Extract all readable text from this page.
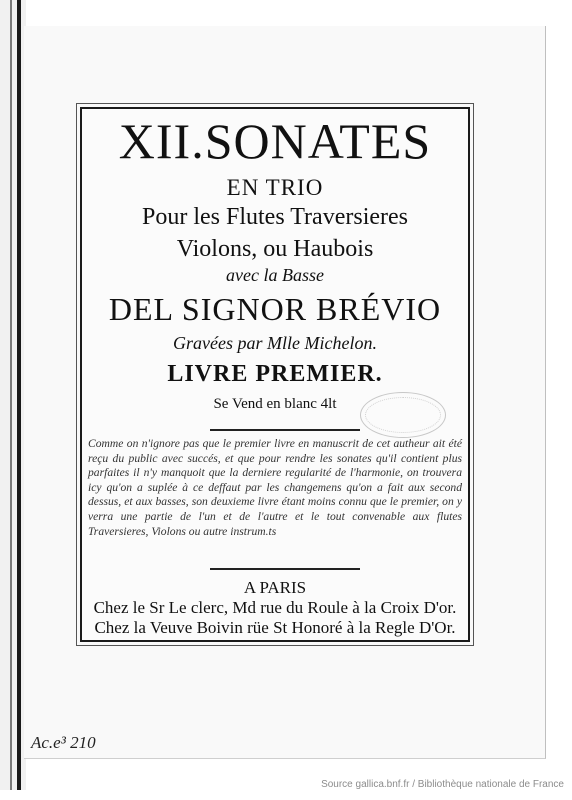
XII.SONATES
EN TRIO
Pour les Flutes Traversieres
Violons, ou Haubois
avec la Basse
DEL SIGNOR BRÉVIO
Gravées par Mlle Michelon.
LIVRE PREMIER.
Se Vend en blanc 4lt
Comme on n'ignore pas que le premier livre en manuscrit de cet autheur ait été reçu du public avec succés, et que pour rendre les sonates qu'il contient plus parfaites il n'y manquoit que la derniere regularité de l'harmonie, on trouvera icy qu'on a suplée à ce deffaut par les changemens qu'on a fait aux second dessus, et aux basses, son deuxieme livre étant moins connu que le premier, on y verra une partie de l'un et de l'autre et le tout convenable aux flutes Traversieres, Violons ou autre instrum.ts
A PARIS
Chez le Sr Le clerc, Md rue du Roule à la Croix D'or.
Chez la Veuve Boivin rüe St Honoré à la Regle D'Or.
Ac.e³ 210
Source gallica.bnf.fr / Bibliothèque nationale de France
